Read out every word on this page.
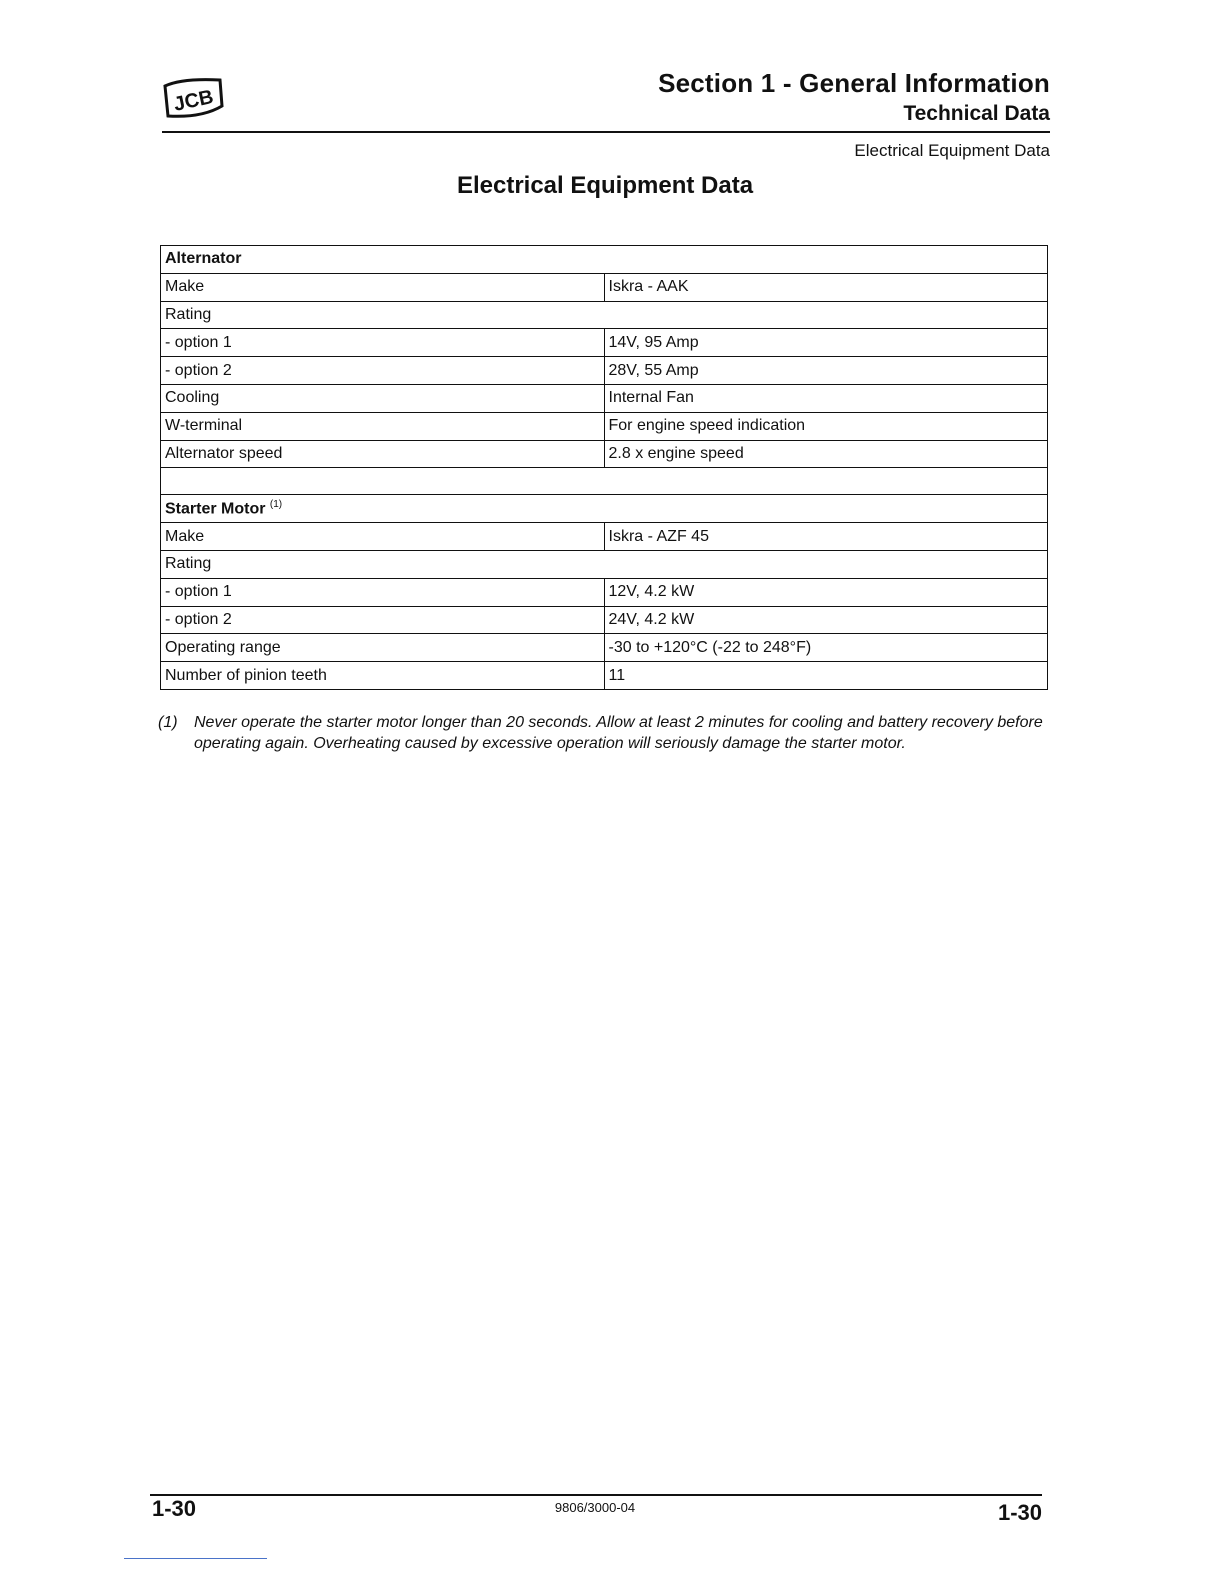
JCB
Section 1 - General Information
Technical Data
Electrical Equipment Data
Electrical Equipment Data
Alternator	
Make	Iskra - AAK
Rating	
- option 1	14V, 95 Amp
- option 2	28V, 55 Amp
Cooling	Internal Fan
W-terminal	For engine speed indication
Alternator speed	2.8 x engine speed

Starter Motor $^{(1)}$
Make	Iskra - AZF 45
Rating	
- option 1	12V, 4.2 kW
- option 2	24V, 4.2 kW
Operating range	-30 to +120°C (-22 to 248°F)
Number of pinion teeth	11
(1) Never operate the starter motor longer than 20 seconds. Allow at least 2 minutes for cooling and battery recovery before operating again. Overheating caused by excessive operation will seriously damage the starter motor.
1-30	9806/3000-04	1-30
